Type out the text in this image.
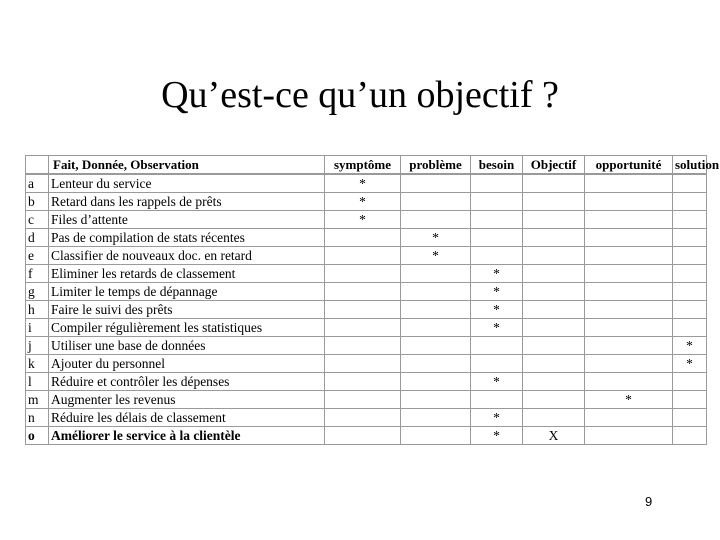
Qu’est-ce qu’un objectif ?
	Fait, Donnée, Observation	symptôme	problème	besoin	Objectif	opportunité	solution
a	Lenteur du service	*					
b	Retard dans les rappels de prêts	*					
c	Files d’attente	*					
d	Pas de compilation de stats récentes		*				
e	Classifier de nouveaux doc. en retard		*				
f	Eliminer les retards de classement			*			
g	Limiter le temps de dépannage			*			
h	Faire le suivi des prêts			*			
i	Compiler régulièrement les statistiques			*			
j	Utiliser une base de données						*
k	Ajouter du personnel						*
l	Réduire et contrôler les dépenses			*			
m	Augmenter les revenus					*	
n	Réduire les délais de classement			*			
o	Améliorer le service à la clientèle			*	X		
9
